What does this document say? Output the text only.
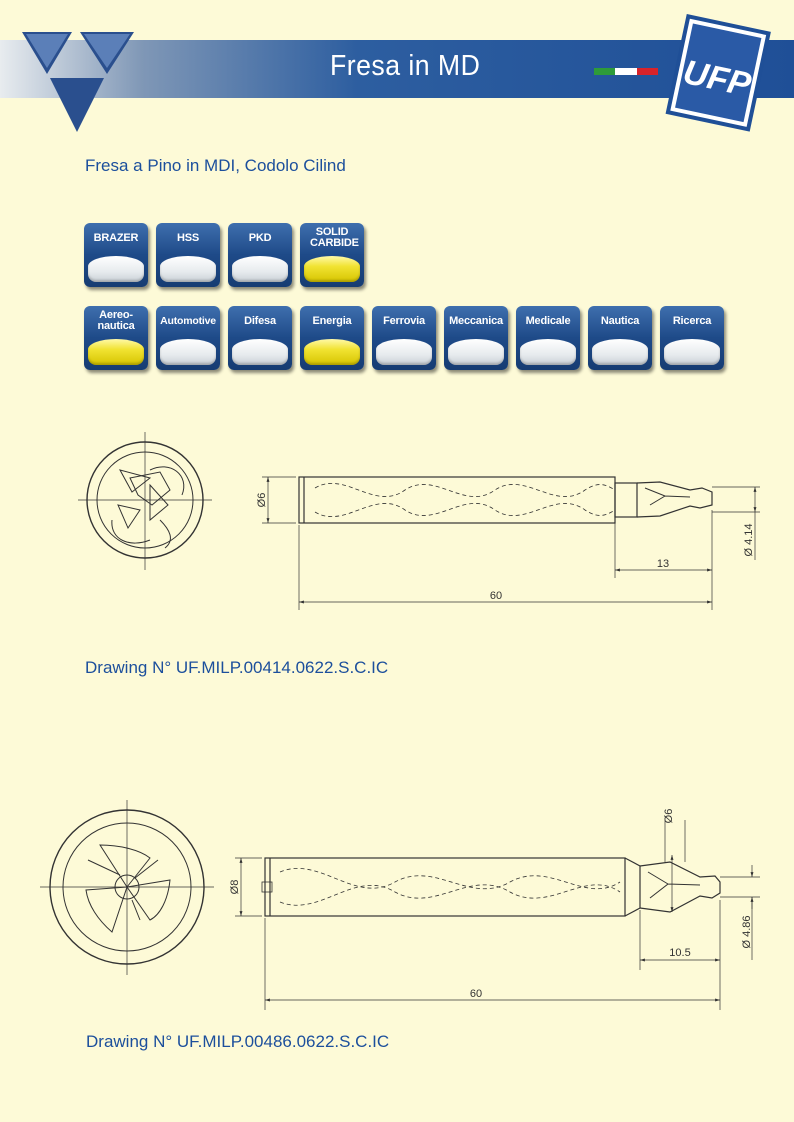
Fresa in MD	UFP
Fresa a Pino in MDI, Codolo Cilind
BRAZER	HSS	PKD	SOLID CARBIDE
Aereo-nautica	Automotive	Difesa	Energia	Ferrovia	Meccanica	Medicale	Nautica	Ricerca
Ø6
Ø 4.14
13
60
Drawing N° UF.MILP.00414.0622.S.C.IC
Ø8
Ø6
Ø 4.86
10.5
60
Drawing N° UF.MILP.00486.0622.S.C.IC
